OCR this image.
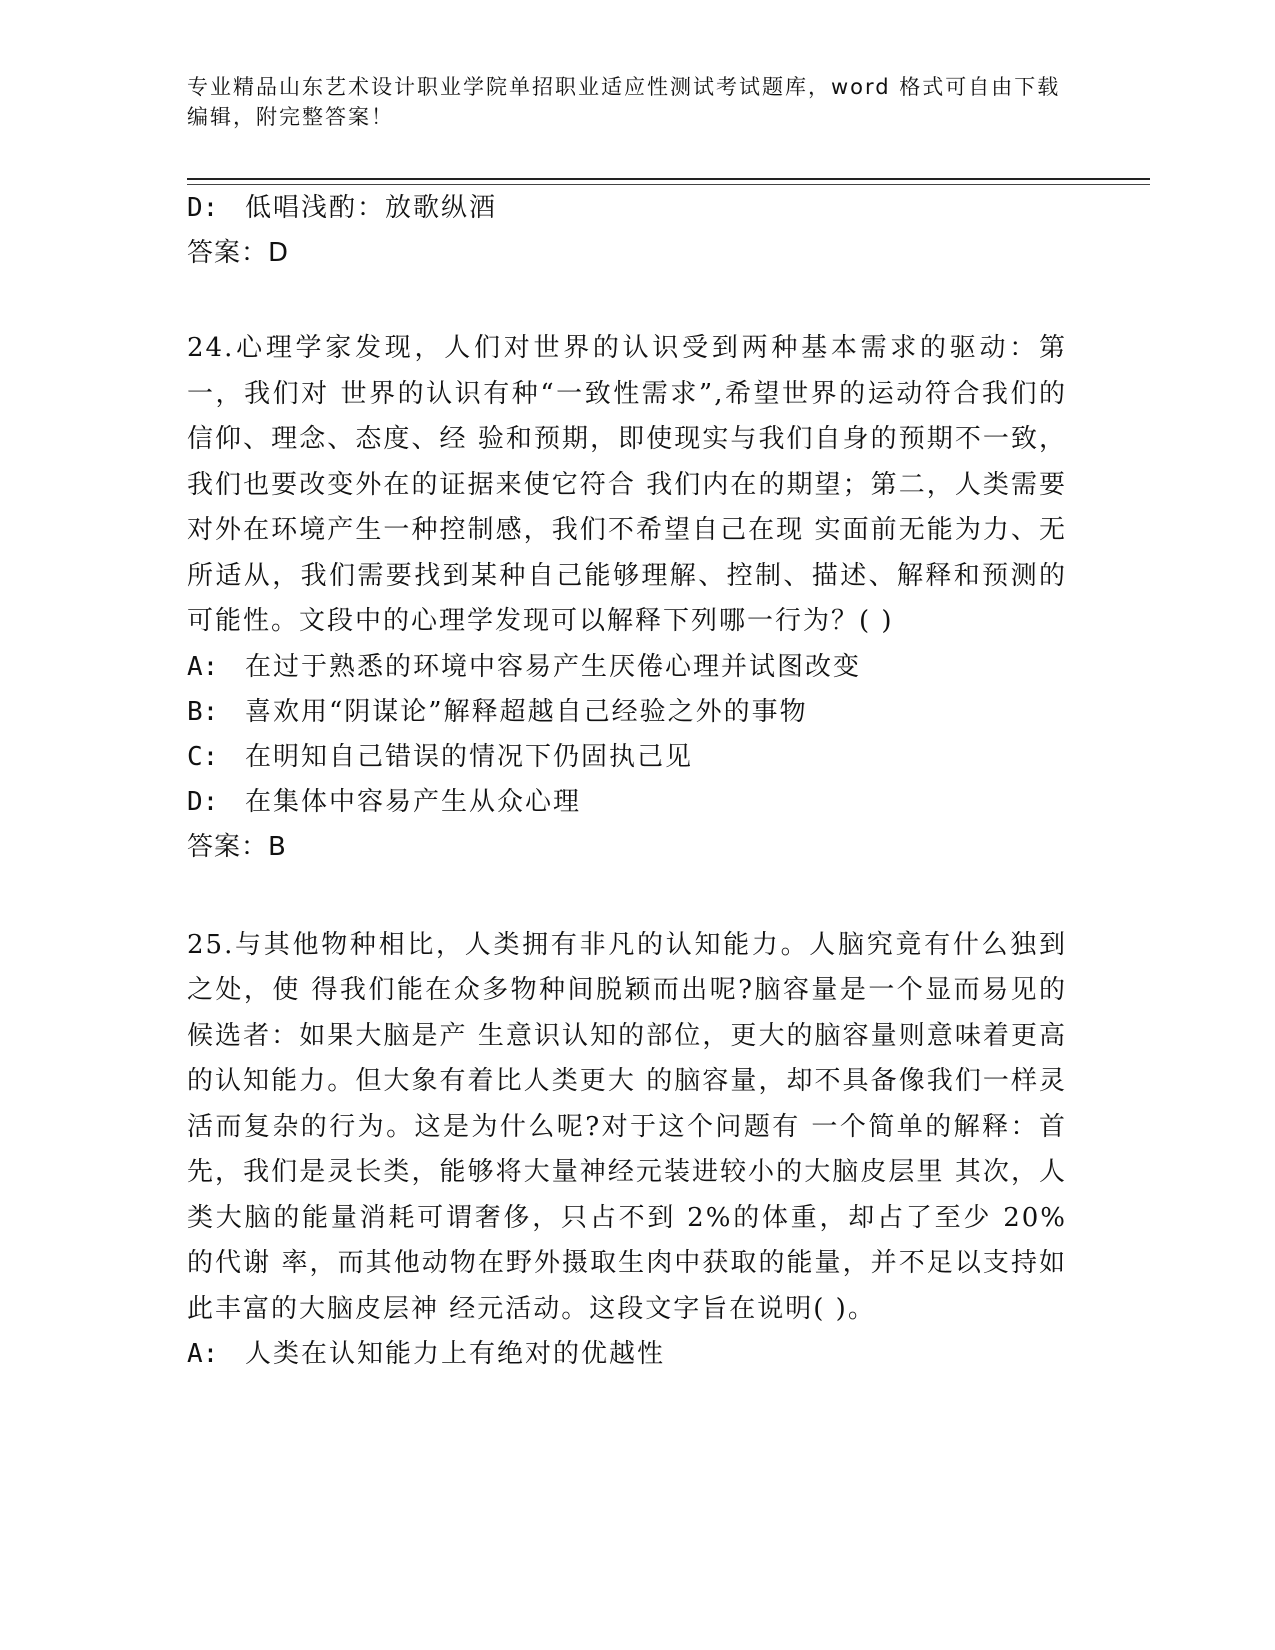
专业精品山东艺术设计职业学院单招职业适应性测试考试题库，word 格式可自由下载编辑，附完整答案！
D: 低唱浅酌：放歌纵酒
答案：D
24.心理学家发现，人们对世界的认识受到两种基本需求的驱动：第一，我们对 世界的认识有种“一致性需求”,希望世界的运动符合我们的信仰、理念、态度、经 验和预期，即使现实与我们自身的预期不一致，我们也要改变外在的证据来使它符合 我们内在的期望；第二，人类需要对外在环境产生一种控制感，我们不希望自己在现 实面前无能为力、无所适从，我们需要找到某种自己能够理解、控制、描述、解释和预测的可能性。文段中的心理学发现可以解释下列哪一行为？( )
A: 在过于熟悉的环境中容易产生厌倦心理并试图改变
B: 喜欢用“阴谋论”解释超越自己经验之外的事物
C: 在明知自己错误的情况下仍固执己见
D: 在集体中容易产生从众心理
答案：B
25.与其他物种相比，人类拥有非凡的认知能力。人脑究竟有什么独到之处，使 得我们能在众多物种间脱颖而出呢?脑容量是一个显而易见的候选者：如果大脑是产 生意识认知的部位，更大的脑容量则意味着更高的认知能力。但大象有着比人类更大 的脑容量，却不具备像我们一样灵活而复杂的行为。这是为什么呢?对于这个问题有 一个简单的解释：首先，我们是灵长类，能够将大量神经元装进较小的大脑皮层里 其次，人类大脑的能量消耗可谓奢侈，只占不到 2%的体重，却占了至少 20%的代谢 率，而其他动物在野外摄取生肉中获取的能量，并不足以支持如此丰富的大脑皮层神 经元活动。这段文字旨在说明( )。
A: 人类在认知能力上有绝对的优越性
